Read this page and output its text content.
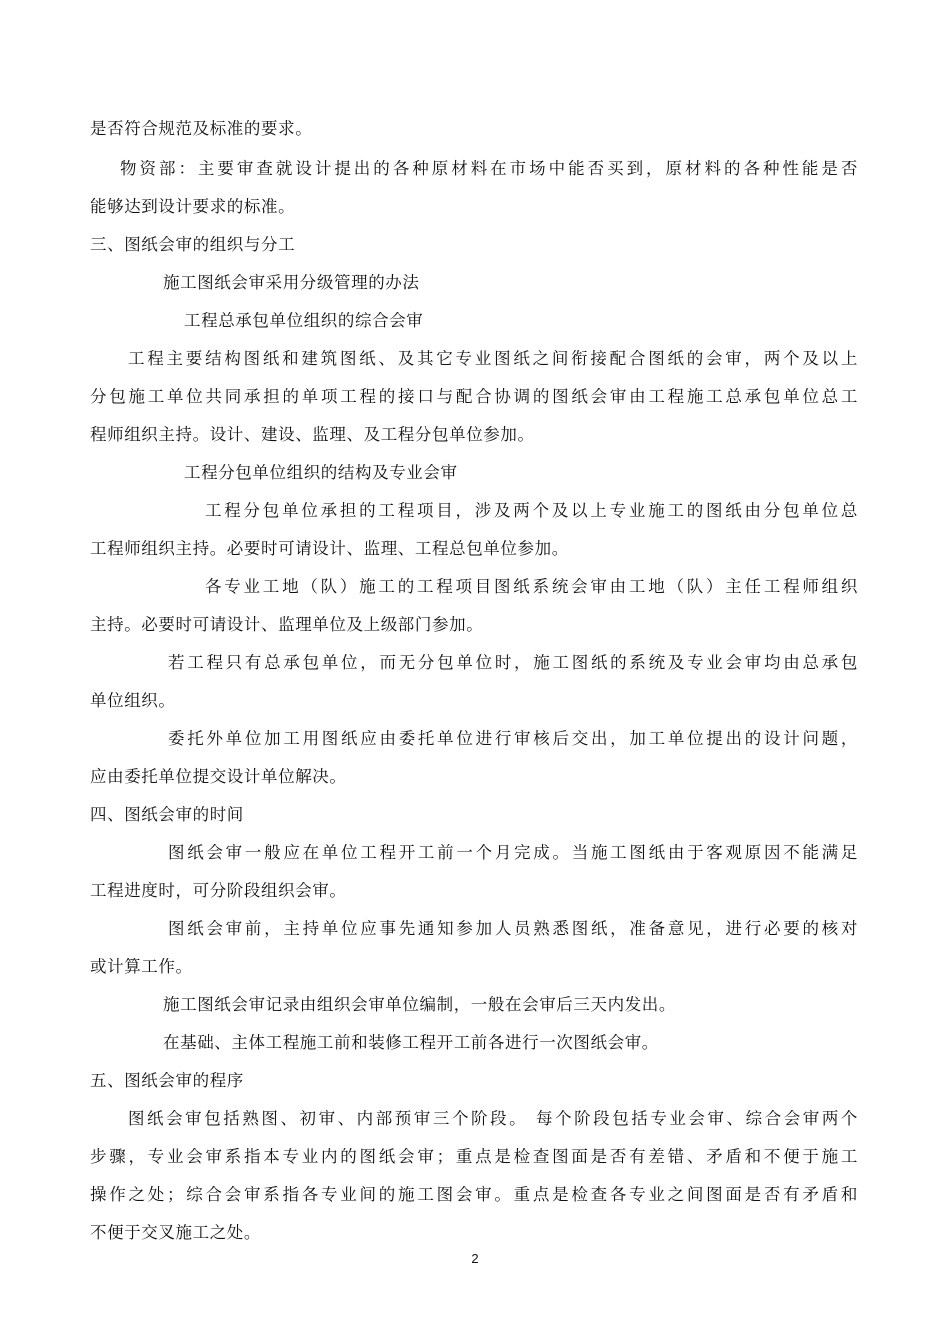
是否符合规范及标准的要求。
物资部：主要审查就设计提出的各种原材料在市场中能否买到，原材料的各种性能是否
能够达到设计要求的标准。
三、图纸会审的组织与分工
施工图纸会审采用分级管理的办法
工程总承包单位组织的综合会审
工程主要结构图纸和建筑图纸、及其它专业图纸之间衔接配合图纸的会审，两个及以上
分包施工单位共同承担的单项工程的接口与配合协调的图纸会审由工程施工总承包单位总工
程师组织主持。设计、建设、监理、及工程分包单位参加。
工程分包单位组织的结构及专业会审
工程分包单位承担的工程项目，涉及两个及以上专业施工的图纸由分包单位总
工程师组织主持。必要时可请设计、监理、工程总包单位参加。
各专业工地（队）施工的工程项目图纸系统会审由工地（队）主任工程师组织
主持。必要时可请设计、监理单位及上级部门参加。
若工程只有总承包单位，而无分包单位时，施工图纸的系统及专业会审均由总承包
单位组织。
委托外单位加工用图纸应由委托单位进行审核后交出，加工单位提出的设计问题，
应由委托单位提交设计单位解决。
四、图纸会审的时间
图纸会审一般应在单位工程开工前一个月完成。当施工图纸由于客观原因不能满足
工程进度时，可分阶段组织会审。
图纸会审前，主持单位应事先通知参加人员熟悉图纸，准备意见，进行必要的核对
或计算工作。
施工图纸会审记录由组织会审单位编制，一般在会审后三天内发出。
在基础、主体工程施工前和装修工程开工前各进行一次图纸会审。
五、图纸会审的程序
图纸会审包括熟图、初审、内部预审三个阶段。 每个阶段包括专业会审、综合会审两个
步骤，专业会审系指本专业内的图纸会审；重点是检查图面是否有差错、矛盾和不便于施工
操作之处；综合会审系指各专业间的施工图会审。重点是检查各专业之间图面是否有矛盾和
不便于交叉施工之处。
2
